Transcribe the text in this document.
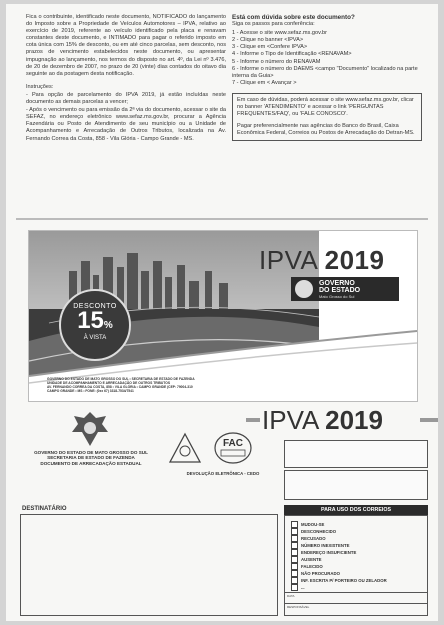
Fica o contribuinte, identificado neste documento, NOTIFICADO do lançamento do Imposto sobre a Propriedade de Veículos Automotores – IPVA, relativo ao exercício de 2019, referente ao veículo identificado pela placa e renavam constantes deste documento, e INTIMADO para pagar o referido imposto em cota única com 15% de desconto, ou em até cinco parcelas, sem desconto, nos prazos de vencimento estabelecidos neste documento, ou apresentar impugnação ao lançamento, nos termos do disposto no art. 4º, da Lei nº 3.476, de 20 de dezembro de 2007, no prazo de 20 (vinte) dias contados do oitavo dia seguinte ao da postagem desta notificação.

Instruções:

- Para opção de parcelamento do IPVA 2019, já estão incluídas neste documento as demais parcelas a vencer;

- Após o vencimento ou para emissão da 2ª via do documento, acessar o site da SEFAZ, no endereço eletrônico www.sefaz.ms.gov.br, procurar a Agência Fazendária ou Posto de Atendimento de seu município ou a Unidade de Acompanhamento e Arrecadação de Outros Tributos, localizada na Av. Fernando Correa da Costa, 858 - Vila Glória - Campo Grande - MS.

Está com dúvida sobre este documento?
Siga os passos para conferência:
1 - Acesse o site www.sefaz.ms.gov.br
2 - Clique no banner <IPVA>
3 - Clique em <Confere IPVA>
4 - Informe o Tipo de Identificação <RENAVAM>
5 - Informe o número do RENAVAM
6 - Informe o número do DAEMS <campo "Documento" localizado na parte interna da Guia>
7 - Clique em < Avançar >
Em caso de dúvidas, poderá acessar o site www.sefaz.ms.gov.br, clicar no banner 'ATENDIMENTO' e acessar o link 'PERGUNTAS FREQUENTES/FAQ', ou 'FALE CONOSCO'.
Pagar preferencialmente nas agências do Banco do Brasil, Caixa Econômica Federal, Correios ou Postos de Arrecadação do Detran-MS.
IPVA 2019
GOVERNO
DO ESTADO
Mato Grosso do Sul
DESCONTO
15%
À VISTA
GOVERNO DO ESTADO DE MATO GROSSO DO SUL • SECRETARIA DE ESTADO DE FAZENDA
UNIDADE DE ACOMPANHAMENTO E ARRECADAÇÃO DE OUTROS TRIBUTOS
AV. FERNANDO CORREA DA COSTA, 858 • VILA GLÓRIA • CAMPO GRANDE (CEP: 79004-310
CAMPO GRANDE • MS • FONE: (0xx 67) 3318-7534/7541
IPVA 2019
GOVERNO DO ESTADO DE MATO GROSSO DO SUL
SECRETARIA DE ESTADO DE FAZENDA
DOCUMENTO DE ARRECADAÇÃO ESTADUAL
FAC
DEVOLUÇÃO ELETRÔNICA - CEDO
DESTINATÁRIO	PARA USO DOS CORREIOS
MUDOU-SE
DESCONHECIDO
RECUSADO
NÚMERO INEXISTENTE
ENDEREÇO INSUFICIENTE
AUSENTE
FALECIDO
NÃO PROCURADO
INF. ESCRITA P/ PORTEIRO OU ZELADOR
...
DATA
RESPONSÁVEL
